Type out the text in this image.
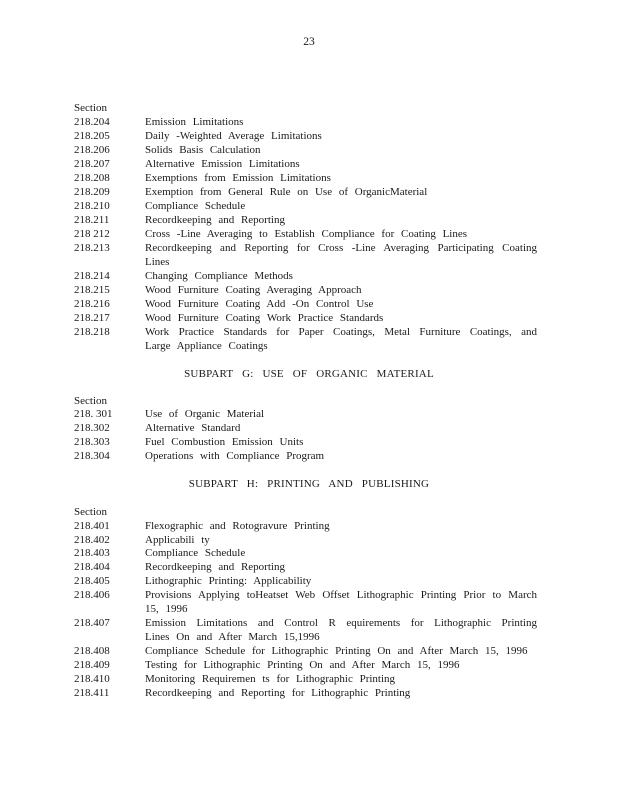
23
Section
218.204	Emission Limitations
218.205	Daily -Weighted Average Limitations
218.206	Solids Basis Calculation
218.207	Alternative Emission Limitations
218.208	Exemptions from Emission Limitations
218.209	Exemption from General Rule on Use of OrganicMaterial
218.210	Compliance Schedule
218.211	Recordkeeping and Reporting
218 212	Cross -Line Averaging to Establish Compliance for Coating Lines
218.213	Recordkeeping and Reporting for Cross -Line Averaging Participating Coating Lines
218.214	Changing Compliance Methods
218.215	Wood Furniture Coating Averaging Approach
218.216	Wood Furniture Coating Add -On Control Use
218.217	Wood Furniture Coating Work Practice Standards
218.218	Work Practice Standards for Paper Coatings, Metal Furniture Coatings, and Large Appliance Coatings
SUBPART G: USE OF ORGANIC MATERIAL
Section
218. 301	Use of Organic Material
218.302	Alternative Standard
218.303	Fuel Combustion Emission Units
218.304	Operations with Compliance Program
SUBPART H: PRINTING AND PUBLISHING
Section
218.401	Flexographic and Rotogravure Printing
218.402	Applicabili ty
218.403	Compliance Schedule
218.404	Recordkeeping and Reporting
218.405	Lithographic Printing: Applicability
218.406	Provisions Applying toHeatset Web Offset Lithographic Printing Prior to March 15, 1996
218.407	Emission Limitations and Control R equirements for Lithographic Printing Lines On and After March 15,1996
218.408	Compliance Schedule for Lithographic Printing On and After March 15, 1996
218.409	Testing for Lithographic Printing On and After March 15, 1996
218.410	Monitoring Requiremen ts for Lithographic Printing
218.411	Recordkeeping and Reporting for Lithographic Printing
